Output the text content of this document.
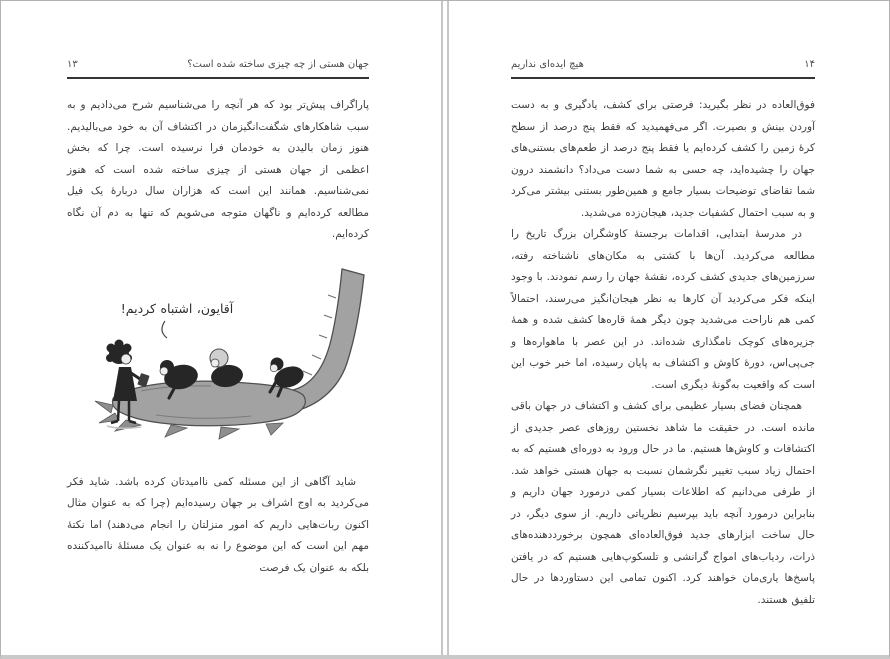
۱۳	جهان هستی از چه چیزی ساخته شده است؟

پاراگراف پیش‌تر بود که هر آنچه را می‌شناسیم شرح می‌دادیم و به سبب شاهکارهای شگفت‌انگیزمان در اکتشاف آن به خود می‌بالیدیم. هنوز زمان بالیدن به خودمان فرا نرسیده است. چرا که بخش اعظمی از جهان هستی از چیزی ساخته شده است که هنوز نمی‌شناسیم. همانند این است که هزاران سال دربارهٔ یک فیل مطالعه کرده‌ایم و ناگهان متوجه می‌شویم که تنها به دم آن نگاه کرده‌ایم.

آقایون، اشتباه کردیم!

شاید آگاهی از این مسئله کمی ناامیدتان کرده باشد. شاید فکر می‌کردید به اوج اشراف بر جهان رسیده‌ایم (چرا که به عنوان مثال اکنون ربات‌هایی داریم که امور منزلتان را انجام می‌دهند) اما نکتهٔ مهم این است که این موضوع را نه به عنوان یک مسئلهٔ ناامیدکننده بلکه به عنوان یک فرصت

هیچ ایده‌ای نداریم	۱۴

فوق‌العاده در نظر بگیرید: فرصتی برای کشف، یادگیری و به دست آوردن بینش و بصیرت. اگر می‌فهمیدید که فقط پنج درصد از سطح کرهٔ زمین را کشف کرده‌ایم یا فقط پنج درصد از طعم‌های بستنی‌های جهان را چشیده‌اید، چه حسی به شما دست می‌داد؟ دانشمند درون شما تقاضای توضیحات بسیار جامع و همین‌طور بستنی بیشتر می‌کرد و به سبب احتمال کشفیات جدید، هیجان‌زده می‌شدید.

در مدرسهٔ ابتدایی، اقدامات برجستهٔ کاوشگران بزرگ تاریخ را مطالعه می‌کردید. آن‌ها با کشتی به مکان‌های ناشناخته رفته، سرزمین‌های جدیدی کشف کرده، نقشهٔ جهان را رسم نمودند. با وجود اینکه فکر می‌کردید آن کارها به نظر هیجان‌انگیز می‌رسند، احتمالاً کمی هم ناراحت می‌شدید چون دیگر همهٔ قاره‌ها کشف شده و همهٔ جزیره‌های کوچک نامگذاری شده‌اند. در این عصر با ماهواره‌ها و جی‌پی‌اس، دورهٔ کاوش و اکتشاف به پایان رسیده، اما خبر خوب این است که واقعیت به‌گونهٔ دیگری است.

همچنان فضای بسیار عظیمی برای کشف و اکتشاف در جهان باقی مانده است. در حقیقت ما شاهد نخستین روزهای عصر جدیدی از اکتشافات و کاوش‌ها هستیم. ما در حال ورود به دوره‌ای هستیم که به احتمال زیاد سبب تغییر نگرشمان نسبت به جهان هستی خواهد شد. از طرفی می‌دانیم که اطلاعات بسیار کمی درمورد جهان داریم و بنابراین درمورد آنچه باید بپرسیم نظریاتی داریم. از سوی دیگر، در حال ساخت ابزارهای جدید فوق‌العاده‌ای همچون برخورددهنده‌های ذرات، ردیاب‌های امواج گرانشی و تلسکوپ‌هایی هستیم که در یافتن پاسخ‌ها یاری‌مان خواهند کرد. اکنون تمامی این دستاوردها در حال تلفیق هستند.
